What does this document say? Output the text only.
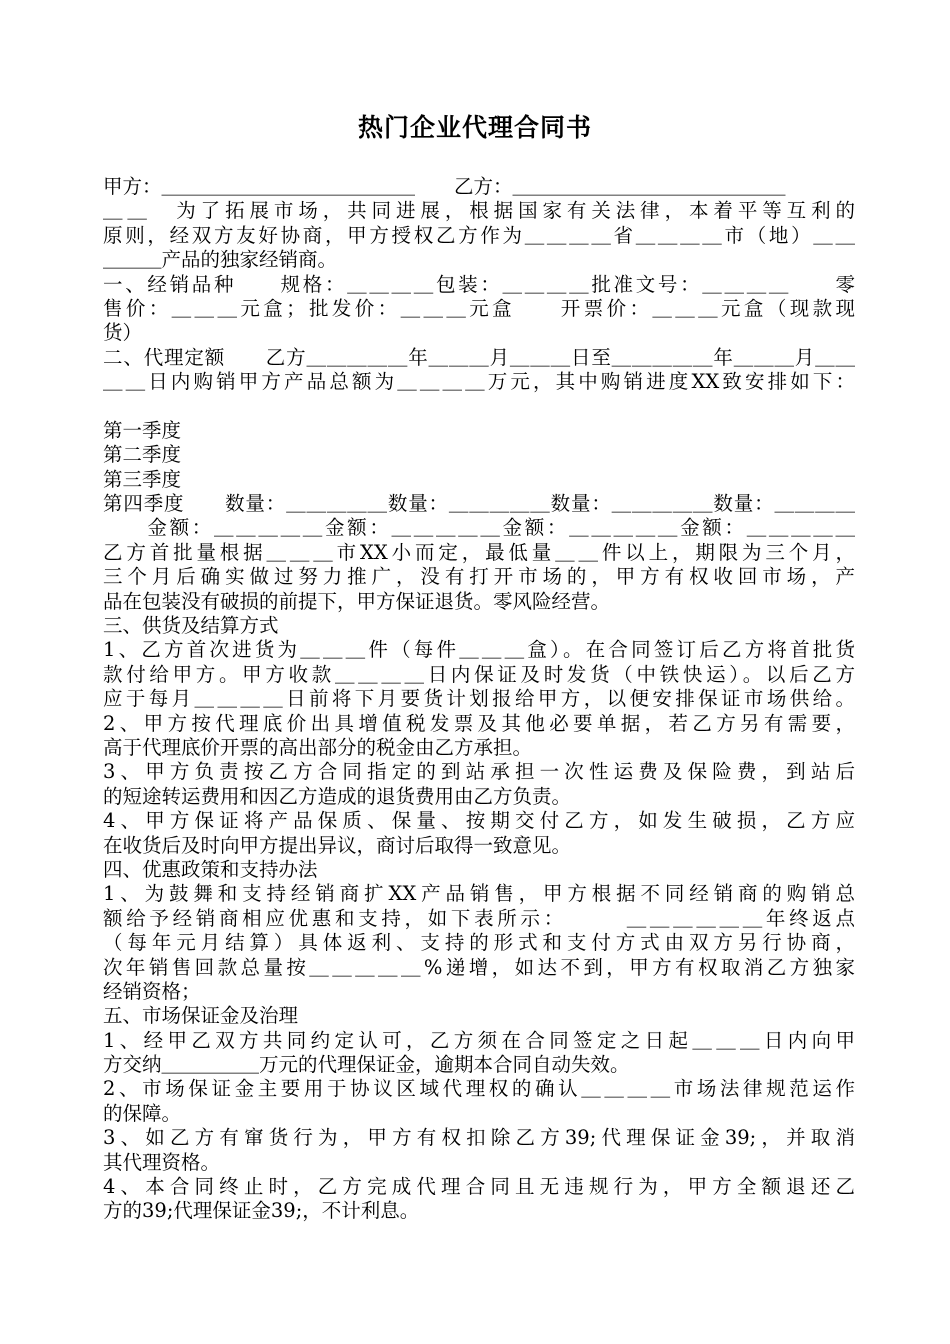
热门企业代理合同书
甲方：＿＿＿＿＿＿＿＿＿＿＿＿＿　　乙方：＿＿＿＿＿＿＿＿＿＿＿＿＿＿
＿＿　为了拓展市场，共同进展，根据国家有关法律，本着平等互利的
原则，经双方友好协商，甲方授权乙方作为＿＿＿＿省＿＿＿＿市（地）＿＿
＿＿＿产品的独家经销商。
一、经销品种　　规格：＿＿＿＿包装：＿＿＿＿批准文号：＿＿＿＿　　零
售价：＿＿＿元盒；批发价：＿＿＿元盒　　开票价：＿＿＿元盒（现款现
货）
二、代理定额　　乙方＿＿＿＿＿年＿＿＿月＿＿＿日至＿＿＿＿＿年＿＿＿月＿＿
＿＿日内购销甲方产品总额为＿＿＿＿万元，其中购销进度XX致安排如下：
第一季度
第二季度
第三季度
第四季度　　数量：＿＿＿＿＿数量：＿＿＿＿＿数量：＿＿＿＿＿数量：＿＿＿＿
　　金额：＿＿＿＿＿金额：＿＿＿＿＿金额：＿＿＿＿＿金额：＿＿＿＿＿
乙方首批量根据＿＿＿市XX小而定，最低量＿＿件以上，期限为三个月，
三个月后确实做过努力推广，没有打开市场的，甲方有权收回市场，产
品在包装没有破损的前提下，甲方保证退货。零风险经营。
三、供货及结算方式
1、乙方首次进货为＿＿＿件（每件＿＿＿盒）。在合同签订后乙方将首批货
款付给甲方。甲方收款＿＿＿＿日内保证及时发货（中铁快运）。以后乙方
应于每月＿＿＿＿日前将下月要货计划报给甲方，以便安排保证市场供给。
2、甲方按代理底价出具增值税发票及其他必要单据，若乙方另有需要，
高于代理底价开票的高出部分的税金由乙方承担。
3、甲方负责按乙方合同指定的到站承担一次性运费及保险费，到站后
的短途转运费用和因乙方造成的退货费用由乙方负责。
4、甲方保证将产品保质、保量、按期交付乙方，如发生破损，乙方应
在收货后及时向甲方提出异议，商讨后取得一致意见。
四、优惠政策和支持办法
1、为鼓舞和支持经销商扩XX产品销售，甲方根据不同经销商的购销总
额给予经销商相应优惠和支持，如下表所示：　　　＿＿＿＿＿＿年终返点
（每年元月结算）具体返利、支持的形式和支付方式由双方另行协商，
次年销售回款总量按＿＿＿＿＿%递增，如达不到，甲方有权取消乙方独家
经销资格；
五、市场保证金及治理
1、经甲乙双方共同约定认可，乙方须在合同签定之日起＿＿＿日内向甲
方交纳＿＿＿＿＿万元的代理保证金，逾期本合同自动失效。
2、市场保证金主要用于协议区域代理权的确认＿＿＿＿市场法律规范运作
的保障。
3、如乙方有窜货行为，甲方有权扣除乙方39;代理保证金39;，并取消
其代理资格。
4、本合同终止时，乙方完成代理合同且无违规行为，甲方全额退还乙
方的39;代理保证金39;，不计利息。
